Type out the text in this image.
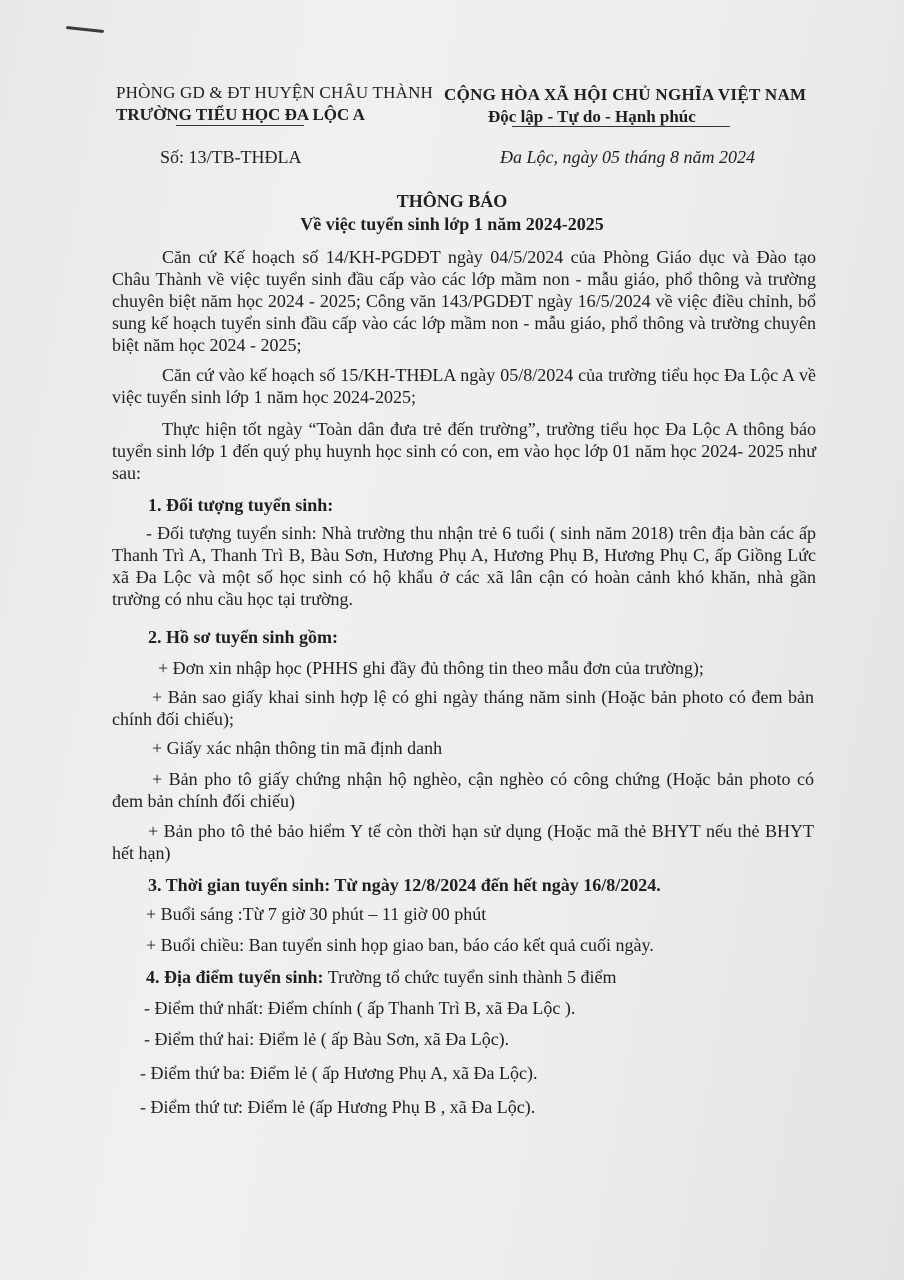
PHÒNG GD & ĐT HUYỆN CHÂU THÀNH
TRƯỜNG TIỂU HỌC ĐA LỘC A
CỘNG HÒA XÃ HỘI CHỦ NGHĨA VIỆT NAM
Độc lập - Tự do - Hạnh phúc
Số: 13/TB-THĐLA	Đa Lộc, ngày 05 tháng 8 năm 2024
THÔNG BÁO
Về việc tuyển sinh lớp 1 năm 2024-2025
Căn cứ Kế hoạch số 14/KH-PGDĐT ngày 04/5/2024 của Phòng Giáo dục và Đào tạo Châu Thành về việc tuyển sinh đầu cấp vào các lớp mầm non - mẫu giáo, phổ thông và trường chuyên biệt năm học 2024 - 2025; Công văn 143/PGDĐT ngày 16/5/2024 về việc điều chỉnh, bổ sung kế hoạch tuyển sinh đầu cấp vào các lớp mầm non - mẫu giáo, phổ thông và trường chuyên biệt năm học 2024 - 2025;
Căn cứ vào kế hoạch số 15/KH-THĐLA ngày 05/8/2024 của trường tiểu học Đa Lộc A về việc tuyển sinh lớp 1 năm học 2024-2025;
Thực hiện tốt ngày “Toàn dân đưa trẻ đến trường”, trường tiểu học Đa Lộc A thông báo tuyển sinh lớp 1 đến quý phụ huynh học sinh có con, em vào học lớp 01 năm học 2024- 2025 như sau:
1. Đối tượng tuyển sinh:
- Đối tượng tuyển sinh: Nhà trường thu nhận trẻ 6 tuổi ( sinh năm 2018) trên địa bàn các ấp Thanh Trì A, Thanh Trì B, Bàu Sơn, Hương Phụ A, Hương Phụ B, Hương Phụ C, ấp Giồng Lức xã Đa Lộc và một số học sinh có hộ khẩu ở các xã lân cận có hoàn cảnh khó khăn, nhà gần trường có nhu cầu học tại trường.
2. Hồ sơ tuyển sinh gồm:
+ Đơn xin nhập học (PHHS ghi đầy đủ thông tin theo mẫu đơn của trường);
+ Bản sao giấy khai sinh hợp lệ có ghi ngày tháng năm sinh (Hoặc bản photo có đem bản chính đối chiếu);
+ Giấy xác nhận thông tin mã định danh
+ Bản pho tô giấy chứng nhận hộ nghèo, cận nghèo có công chứng (Hoặc bản photo có đem bản chính đối chiếu)
+ Bản pho tô thẻ bảo hiểm Y tế còn thời hạn sử dụng (Hoặc mã thẻ BHYT nếu thẻ BHYT hết hạn)
3. Thời gian tuyển sinh: Từ ngày 12/8/2024 đến hết ngày 16/8/2024.
+ Buổi sáng :Từ 7 giờ 30 phút – 11 giờ 00 phút
+ Buổi chiều: Ban tuyển sinh họp giao ban, báo cáo kết quả cuối ngày.
4. Địa điểm tuyển sinh: Trường tổ chức tuyển sinh thành 5 điểm
- Điểm thứ nhất: Điểm chính ( ấp Thanh Trì B, xã Đa Lộc ).
- Điểm thứ hai: Điểm lẻ ( ấp Bàu Sơn, xã Đa Lộc).
- Điểm thứ ba: Điểm lẻ ( ấp Hương Phụ A, xã Đa Lộc).
- Điểm thứ tư: Điểm lẻ (ấp Hương Phụ B , xã Đa Lộc).
